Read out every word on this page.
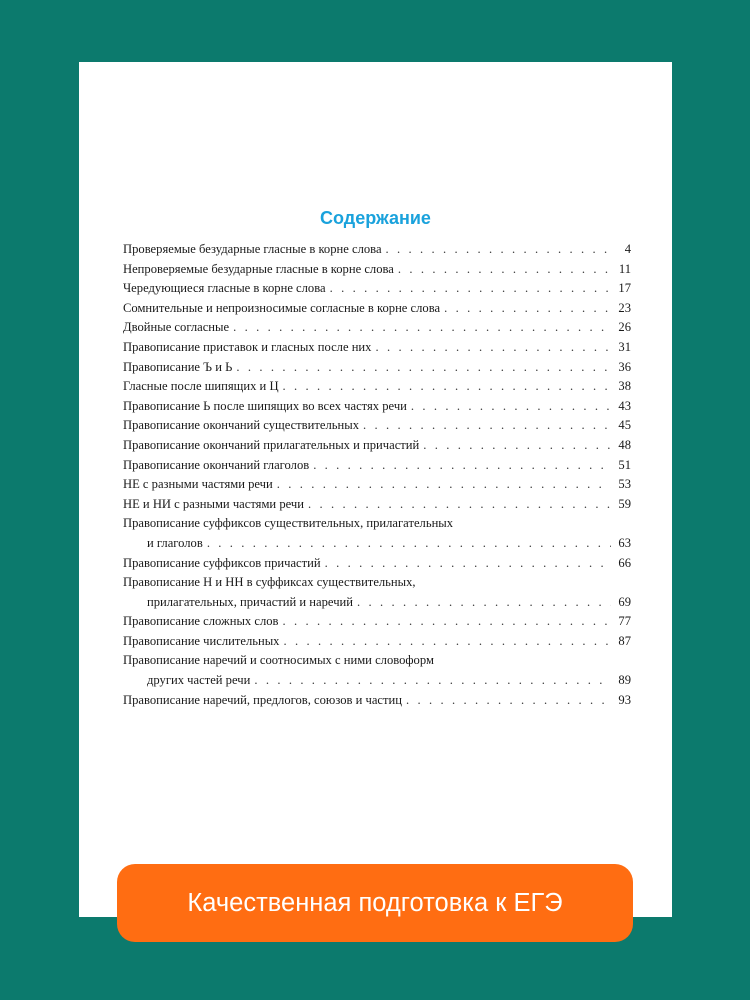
Содержание
Проверяемые безударные гласные в корне слова . . .	4
Непроверяемые безударные гласные в корне слова . . .	11
Чередующиеся гласные в корне слова . . .	17
Сомнительные и непроизносимые согласные в корне слова . . .	23
Двойные согласные . . .	26
Правописание приставок и гласных после них . . .	31
Правописание Ъ и Ь . . .	36
Гласные после шипящих и Ц . . .	38
Правописание Ь после шипящих во всех частях речи . . .	43
Правописание окончаний существительных . . .	45
Правописание окончаний прилагательных и причастий . . .	48
Правописание окончаний глаголов . . .	51
НЕ с разными частями речи . . .	53
НЕ и НИ с разными частями речи . . .	59
Правописание суффиксов существительных, прилагательных
и глаголов . . .	63
Правописание суффиксов причастий . . .	66
Правописание Н и НН в суффиксах существительных,
прилагательных, причастий и наречий . . .	69
Правописание сложных слов . . .	77
Правописание числительных . . .	87
Правописание наречий и соотносимых с ними словоформ
других частей речи . . .	89
Правописание наречий, предлогов, союзов и частиц . . .	93
Качественная подготовка к ЕГЭ
